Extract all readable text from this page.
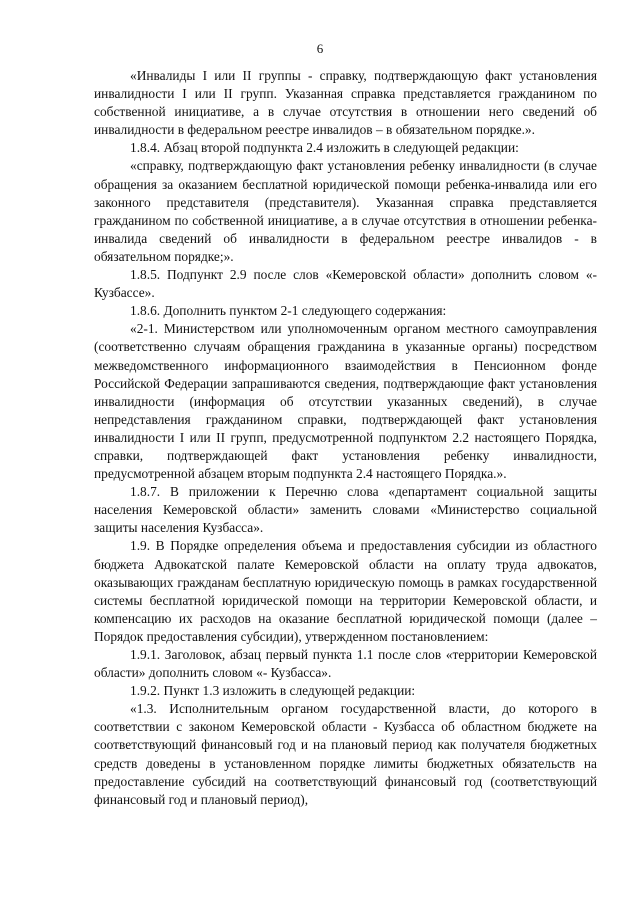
6

«Инвалиды I или II группы - справку, подтверждающую факт установления инвалидности I или II групп. Указанная справка представляется гражданином по собственной инициативе, а в случае отсутствия в отношении него сведений об инвалидности в федеральном реестре инвалидов – в обязательном порядке.».

1.8.4. Абзац второй подпункта 2.4 изложить в следующей редакции:

«справку, подтверждающую факт установления ребенку инвалидности (в случае обращения за оказанием бесплатной юридической помощи ребенка-инвалида или его законного представителя (представителя). Указанная справка представляется гражданином по собственной инициативе, а в случае отсутствия в отношении ребенка-инвалида сведений об инвалидности в федеральном реестре инвалидов - в обязательном порядке;».

1.8.5. Подпункт 2.9 после слов «Кемеровской области» дополнить словом «- Кузбассе».

1.8.6. Дополнить пунктом 2-1 следующего содержания:

«2-1. Министерством или уполномоченным органом местного самоуправления (соответственно случаям обращения гражданина в указанные органы) посредством межведомственного информационного взаимодействия в Пенсионном фонде Российской Федерации запрашиваются сведения, подтверждающие факт установления инвалидности (информация об отсутствии указанных сведений), в случае непредставления гражданином справки, подтверждающей факт установления инвалидности I или II групп, предусмотренной подпунктом 2.2 настоящего Порядка, справки, подтверждающей факт установления ребенку инвалидности, предусмотренной абзацем вторым подпункта 2.4 настоящего Порядка.».

1.8.7. В приложении к Перечню слова «департамент социальной защиты населения Кемеровской области» заменить словами «Министерство социальной защиты населения Кузбасса».

1.9. В Порядке определения объема и предоставления субсидии из областного бюджета Адвокатской палате Кемеровской области на оплату труда адвокатов, оказывающих гражданам бесплатную юридическую помощь в рамках государственной системы бесплатной юридической помощи на территории Кемеровской области, и компенсацию их расходов на оказание бесплатной юридической помощи (далее – Порядок предоставления субсидии), утвержденном постановлением:

1.9.1. Заголовок, абзац первый пункта 1.1 после слов «территории Кемеровской области» дополнить словом «- Кузбасса».

1.9.2. Пункт 1.3 изложить в следующей редакции:

«1.3. Исполнительным органом государственной власти, до которого в соответствии с законом Кемеровской области - Кузбасса об областном бюджете на соответствующий финансовый год и на плановый период как получателя бюджетных средств доведены в установленном порядке лимиты бюджетных обязательств на предоставление субсидий на соответствующий финансовый год (соответствующий финансовый год и плановый период),
